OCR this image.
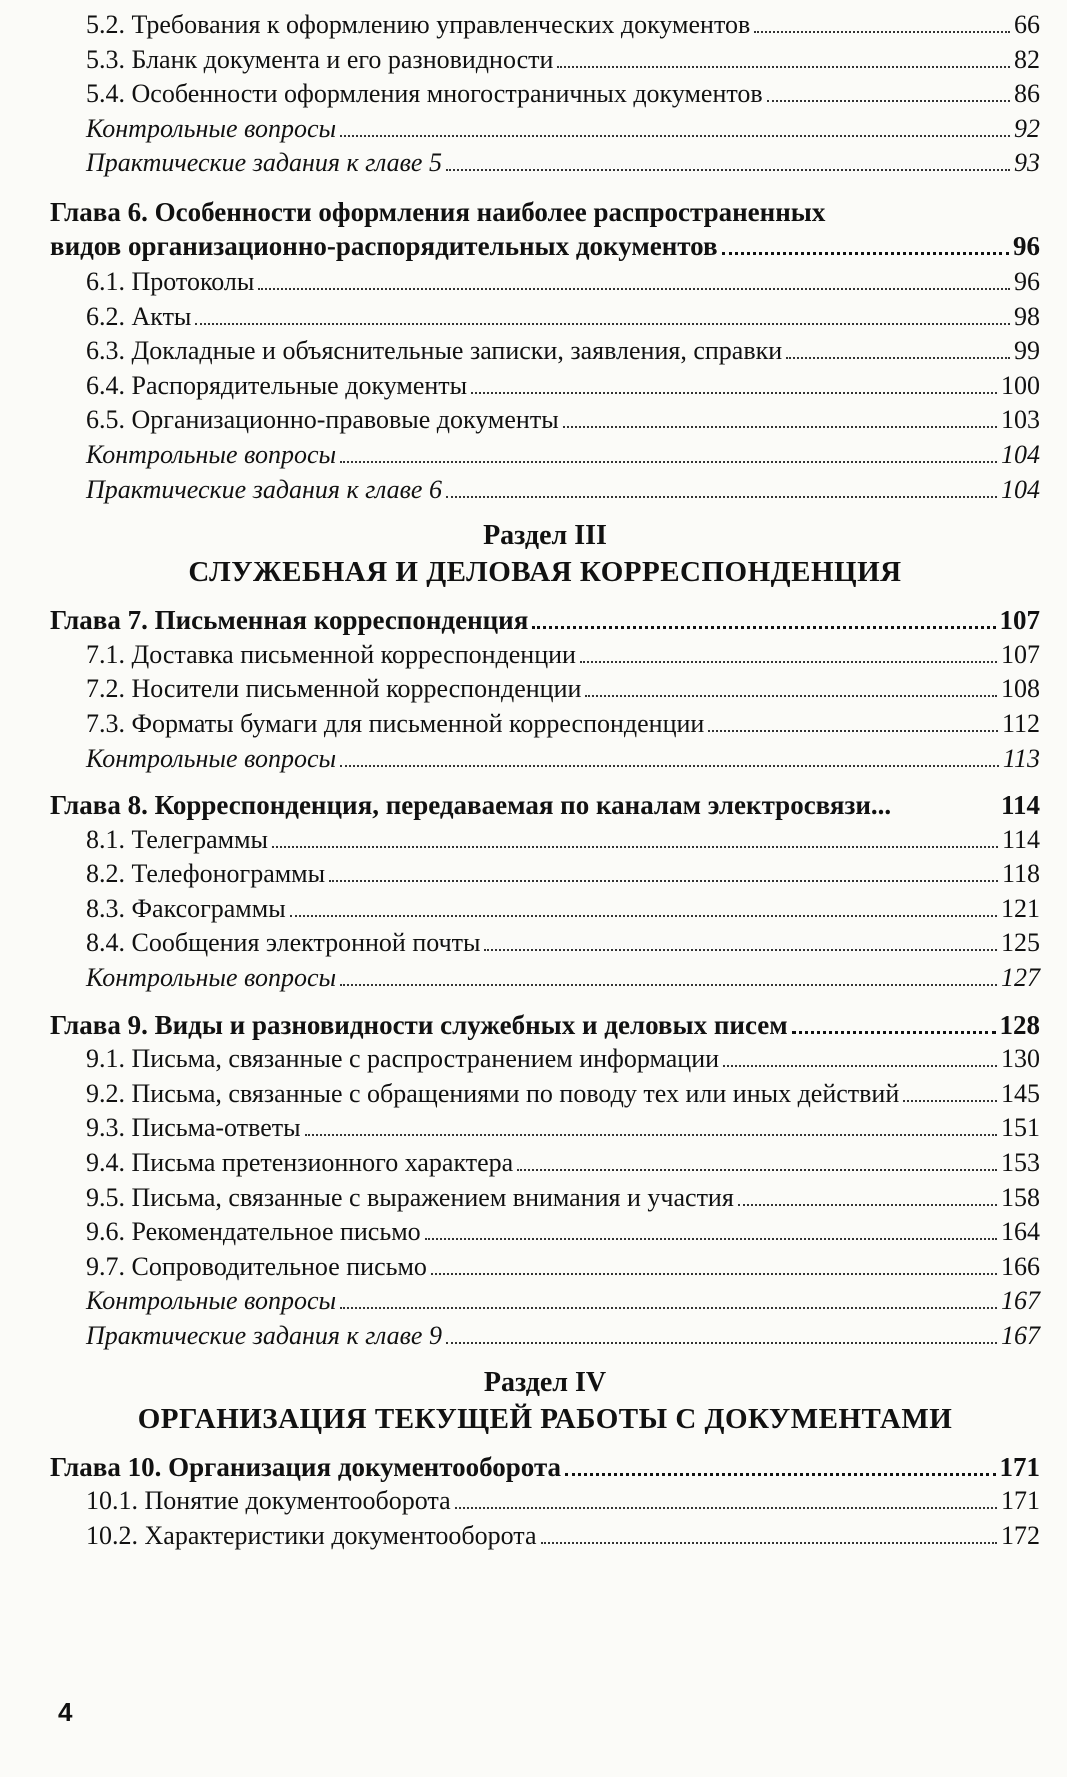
5.2. Требования к оформлению управленческих документов	66
5.3. Бланк документа и его разновидности	82
5.4. Особенности оформления многостраничных документов	86
Контрольные вопросы	92
Практические задания к главе 5	93
Глава 6. Особенности оформления наиболее распространенных
видов организационно-распорядительных документов	96
6.1. Протоколы	96
6.2. Акты	98
6.3. Докладные и объяснительные записки, заявления, справки	99
6.4. Распорядительные документы	100
6.5. Организационно-правовые документы	103
Контрольные вопросы	104
Практические задания к главе 6	104
Раздел III
СЛУЖЕБНАЯ И ДЕЛОВАЯ КОРРЕСПОНДЕНЦИЯ
Глава 7. Письменная корреспонденция	107
7.1. Доставка письменной корреспонденции	107
7.2. Носители письменной корреспонденции	108
7.3. Форматы бумаги для письменной корреспонденции	112
Контрольные вопросы	113
Глава 8. Корреспонденция, передаваемая по каналам электросвязи...	114
8.1. Телеграммы	114
8.2. Телефонограммы	118
8.3. Факсограммы	121
8.4. Сообщения электронной почты	125
Контрольные вопросы	127
Глава 9. Виды и разновидности служебных и деловых писем	128
9.1. Письма, связанные с распространением информации	130
9.2. Письма, связанные с обращениями по поводу тех или иных действий	145
9.3. Письма-ответы	151
9.4. Письма претензионного характера	153
9.5. Письма, связанные с выражением внимания и участия	158
9.6. Рекомендательное письмо	164
9.7. Сопроводительное письмо	166
Контрольные вопросы	167
Практические задания к главе 9	167
Раздел IV
ОРГАНИЗАЦИЯ ТЕКУЩЕЙ РАБОТЫ С ДОКУМЕНТАМИ
Глава 10. Организация документооборота	171
10.1. Понятие документооборота	171
10.2. Характеристики документооборота	172
4
